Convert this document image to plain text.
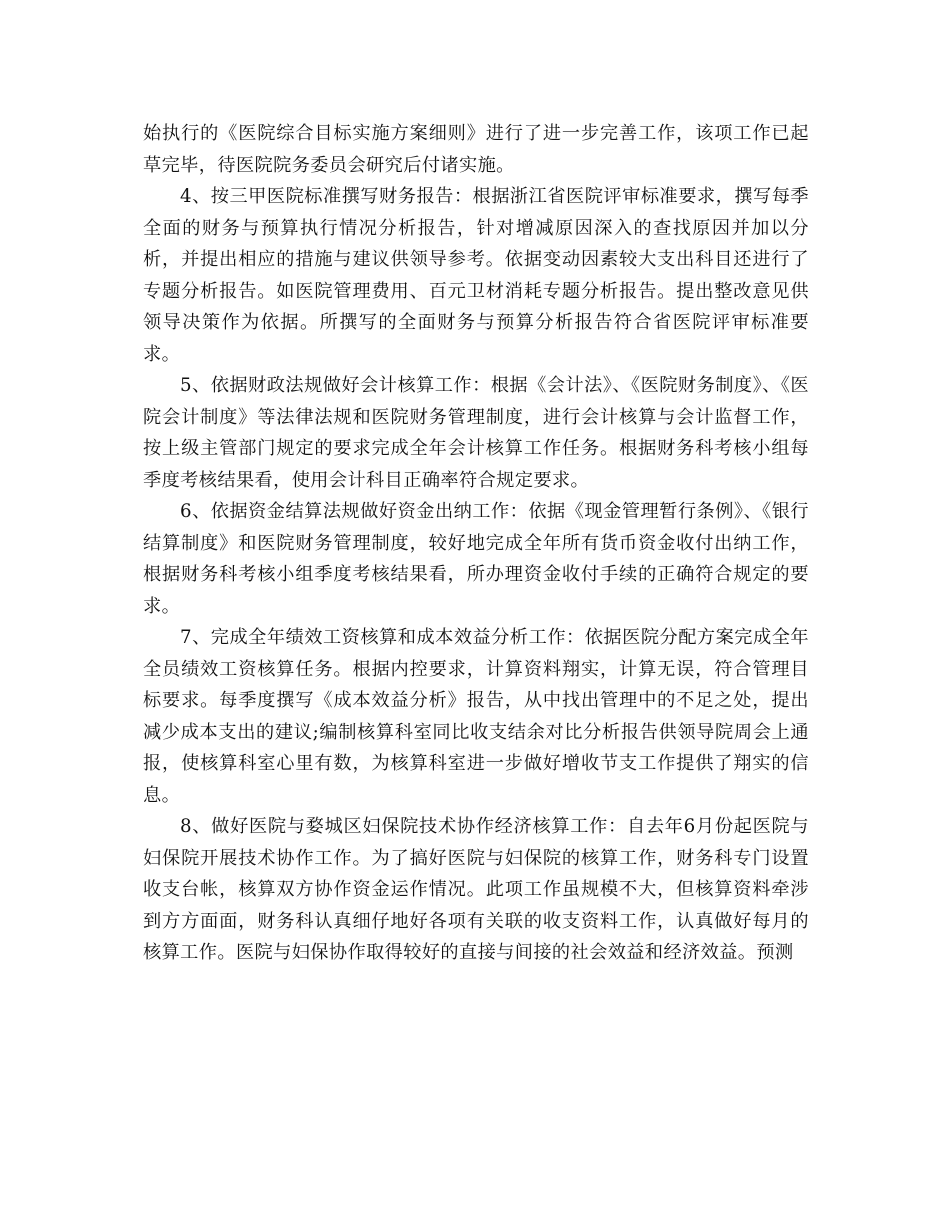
始执行的《医院综合目标实施方案细则》进行了进一步完善工作，该项工作已起草完毕，待医院院务委员会研究后付诸实施。

4、按三甲医院标准撰写财务报告：根据浙江省医院评审标准要求，撰写每季全面的财务与预算执行情况分析报告，针对增减原因深入的查找原因并加以分析，并提出相应的措施与建议供领导参考。依据变动因素较大支出科目还进行了专题分析报告。如医院管理费用、百元卫材消耗专题分析报告。提出整改意见供领导决策作为依据。所撰写的全面财务与预算分析报告符合省医院评审标准要求。

5、依据财政法规做好会计核算工作：根据《会计法》、《医院财务制度》、《医院会计制度》等法律法规和医院财务管理制度，进行会计核算与会计监督工作，按上级主管部门规定的要求完成全年会计核算工作任务。根据财务科考核小组每季度考核结果看，使用会计科目正确率符合规定要求。

6、依据资金结算法规做好资金出纳工作：依据《现金管理暂行条例》、《银行结算制度》和医院财务管理制度，较好地完成全年所有货币资金收付出纳工作，根据财务科考核小组季度考核结果看，所办理资金收付手续的正确符合规定的要求。

7、完成全年绩效工资核算和成本效益分析工作：依据医院分配方案完成全年全员绩效工资核算任务。根据内控要求，计算资料翔实，计算无误，符合管理目标要求。每季度撰写《成本效益分析》报告，从中找出管理中的不足之处，提出减少成本支出的建议;编制核算科室同比收支结余对比分析报告供领导院周会上通报，使核算科室心里有数，为核算科室进一步做好增收节支工作提供了翔实的信息。

8、做好医院与婺城区妇保院技术协作经济核算工作：自去年6月份起医院与妇保院开展技术协作工作。为了搞好医院与妇保院的核算工作，财务科专门设置收支台帐，核算双方协作资金运作情况。此项工作虽规模不大，但核算资料牵涉到方方面面，财务科认真细仔地好各项有关联的收支资料工作，认真做好每月的核算工作。医院与妇保协作取得较好的直接与间接的社会效益和经济效益。预测
